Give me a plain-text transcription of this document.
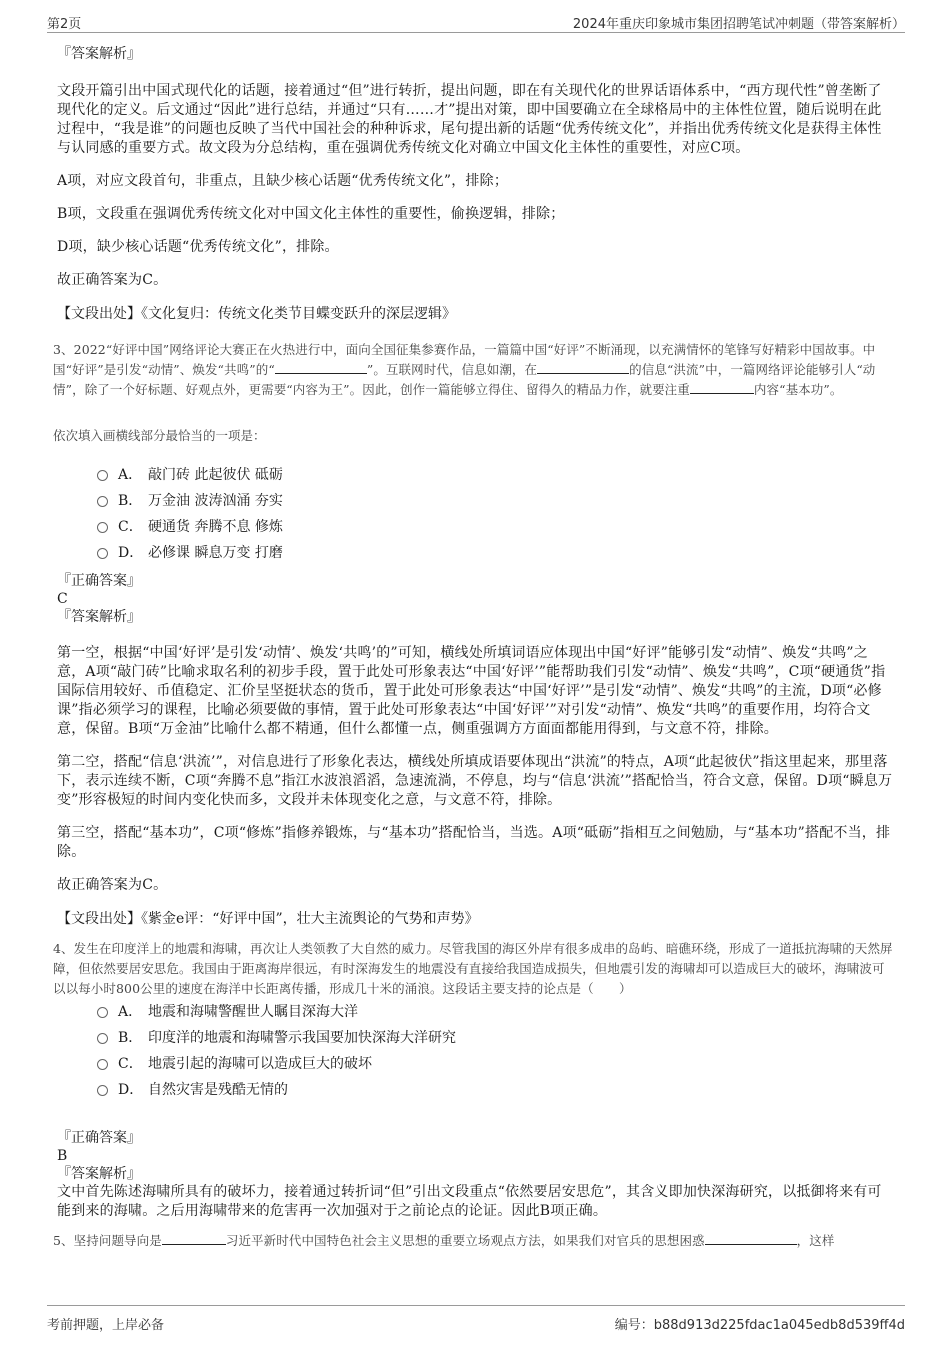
第2页	2024年重庆印象城市集团招聘笔试冲刺题（带答案解析）
『答案解析』
文段开篇引出中国式现代化的话题，接着通过“但”进行转折，提出问题，即在有关现代化的世界话语体系中，“西方现代性”曾垄断了现代化的定义。后文通过“因此”进行总结，并通过“只有……才”提出对策，即中国要确立在全球格局中的主体性位置，随后说明在此过程中，“我是谁”的问题也反映了当代中国社会的种种诉求，尾句提出新的话题“优秀传统文化”，并指出优秀传统文化是获得主体性与认同感的重要方式。故文段为分总结构，重在强调优秀传统文化对确立中国文化主体性的重要性，对应C项。
A项，对应文段首句，非重点，且缺少核心话题“优秀传统文化”，排除；
B项，文段重在强调优秀传统文化对中国文化主体性的重要性，偷换逻辑，排除；
D项，缺少核心话题“优秀传统文化”，排除。
故正确答案为C。
【文段出处】《文化复归：传统文化类节目蝶变跃升的深层逻辑》
3、2022“好评中国”网络评论大赛正在火热进行中，面向全国征集参赛作品，一篇篇中国“好评”不断涌现，以充满情怀的笔锋写好精彩中国故事。中国“好评”是引发“动情”、焕发“共鸣”的“	”。互联网时代，信息如潮，在	的信息“洪流”中，一篇网络评论能够引人“动情”，除了一个好标题、好观点外，更需要“内容为王”。因此，创作一篇能够立得住、留得久的精品力作，就要注重	内容“基本功”。
依次填入画横线部分最恰当的一项是：
A． 敲门砖 此起彼伏 砥砺
B． 万金油 波涛汹涌 夯实
C． 硬通货 奔腾不息 修炼
D． 必修课 瞬息万变 打磨
『正确答案』
C
『答案解析』
第一空，根据“中国‘好评’是引发‘动情’、焕发‘共鸣’的”可知，横线处所填词语应体现出中国“好评”能够引发“动情”、焕发“共鸣”之意，A项“敲门砖”比喻求取名利的初步手段，置于此处可形象表达“中国‘好评’”能帮助我们引发“动情”、焕发“共鸣”，C项“硬通货”指国际信用较好、币值稳定、汇价呈坚挺状态的货币，置于此处可形象表达“中国‘好评’”是引发“动情”、焕发“共鸣”的主流，D项“必修课”指必须学习的课程，比喻必须要做的事情，置于此处可形象表达“中国‘好评’”对引发“动情”、焕发“共鸣”的重要作用，均符合文意，保留。B项“万金油”比喻什么都不精通，但什么都懂一点，侧重强调方方面面都能用得到，与文意不符，排除。
第二空，搭配“信息‘洪流’”，对信息进行了形象化表达，横线处所填成语要体现出“洪流”的特点，A项“此起彼伏”指这里起来，那里落下，表示连续不断，C项“奔腾不息”指江水波浪滔滔，急速流淌，不停息，均与“信息‘洪流’”搭配恰当，符合文意，保留。D项“瞬息万变”形容极短的时间内变化快而多，文段并未体现变化之意，与文意不符，排除。
第三空，搭配“基本功”，C项“修炼”指修养锻炼，与“基本功”搭配恰当，当选。A项“砥砺”指相互之间勉励，与“基本功”搭配不当，排除。
故正确答案为C。
【文段出处】《紫金e评：“好评中国”，壮大主流舆论的气势和声势》
4、发生在印度洋上的地震和海啸，再次让人类领教了大自然的威力。尽管我国的海区外岸有很多成串的岛屿、暗礁环绕，形成了一道抵抗海啸的天然屏障，但依然要居安思危。我国由于距离海岸很远，有时深海发生的地震没有直接给我国造成损失，但地震引发的海啸却可以造成巨大的破坏，海啸波可以以每小时800公里的速度在海洋中长距离传播，形成几十米的涌浪。这段话主要支持的论点是（　　）
A． 地震和海啸警醒世人瞩目深海大洋
B． 印度洋的地震和海啸警示我国要加快深海大洋研究
C． 地震引起的海啸可以造成巨大的破坏
D． 自然灾害是残酷无情的
『正确答案』
B
『答案解析』
文中首先陈述海啸所具有的破坏力，接着通过转折词“但”引出文段重点“依然要居安思危”，其含义即加快深海研究，以抵御将来有可能到来的海啸。之后用海啸带来的危害再一次加强对于之前论点的论证。因此B项正确。
5、坚持问题导向是	习近平新时代中国特色社会主义思想的重要立场观点方法，如果我们对官兵的思想困惑	，这样
考前押题，上岸必备	编号：b88d913d225fdac1a045edb8d539ff4d
